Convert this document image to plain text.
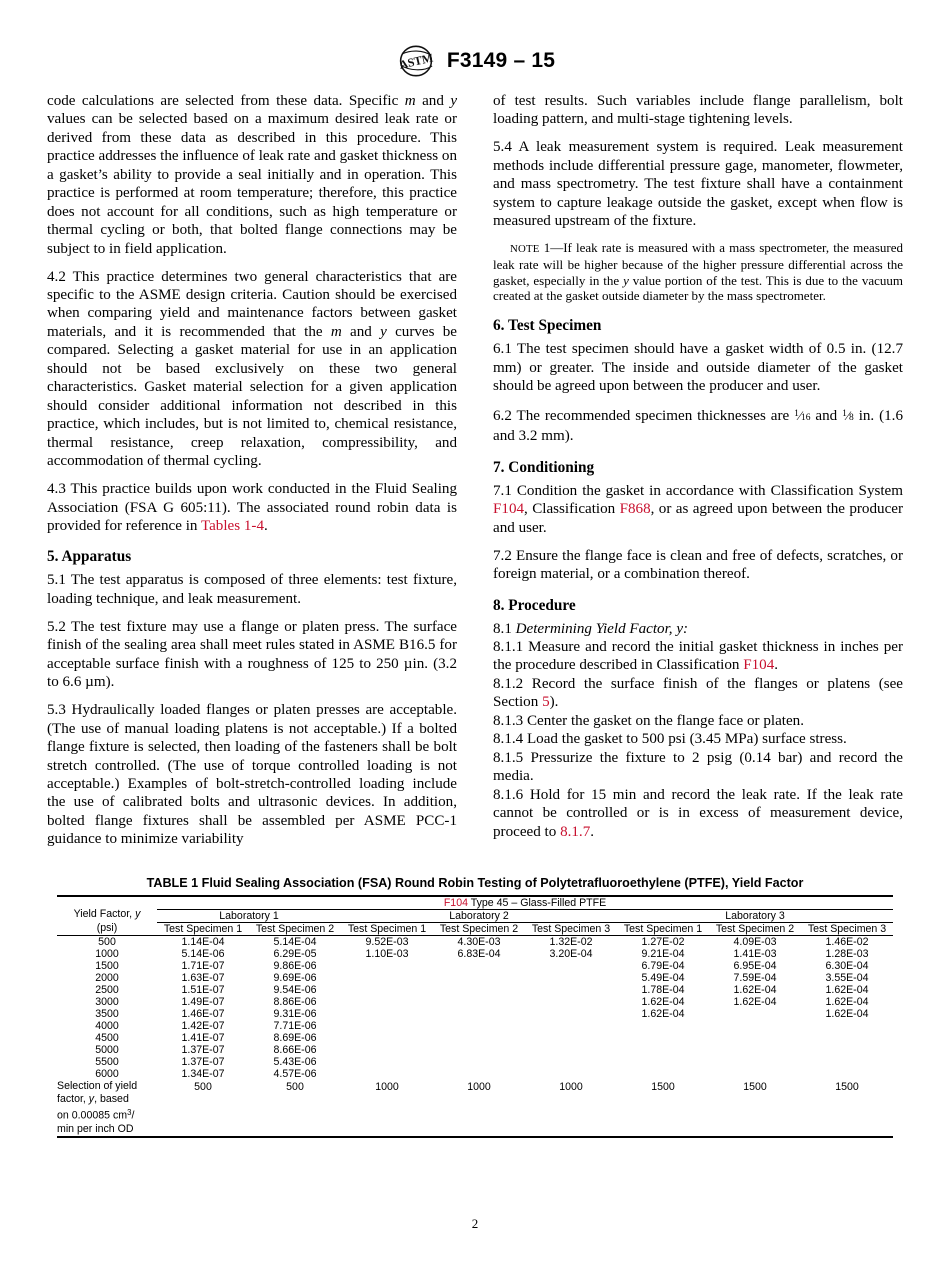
ASTM F3149 – 15

code calculations are selected from these data. Specific m and y values can be selected based on a maximum desired leak rate or derived from these data as described in this procedure. This practice addresses the influence of leak rate and gasket thickness on a gasket’s ability to provide a seal initially and in operation. This practice is performed at room temperature; therefore, this practice does not account for all conditions, such as high temperature or thermal cycling or both, that bolted flange connections may be subject to in field application.

4.2 This practice determines two general characteristics that are specific to the ASME design criteria. Caution should be exercised when comparing yield and maintenance factors between gasket materials, and it is recommended that the m and y curves be compared. Selecting a gasket material for use in an application should not be based exclusively on these two general characteristics. Gasket material selection for a given application should consider additional information not described in this practice, which includes, but is not limited to, chemical resistance, thermal resistance, creep relaxation, compressibility, and accommodation of thermal cycling.

4.3 This practice builds upon work conducted in the Fluid Sealing Association (FSA G 605:11). The associated round robin data is provided for reference in Tables 1-4.

5. Apparatus

5.1 The test apparatus is composed of three elements: test fixture, loading technique, and leak measurement.

5.2 The test fixture may use a flange or platen press. The surface finish of the sealing area shall meet rules stated in ASME B16.5 for acceptable surface finish with a roughness of 125 to 250 µin. (3.2 to 6.6 µm).

5.3 Hydraulically loaded flanges or platen presses are acceptable. (The use of manual loading platens is not acceptable.) If a bolted flange fixture is selected, then loading of the fasteners shall be bolt stretch controlled. (The use of torque controlled loading is not acceptable.) Examples of bolt-stretch-controlled loading include the use of calibrated bolts and ultrasonic devices. In addition, bolted flange fixtures shall be assembled per ASME PCC-1 guidance to minimize variability

of test results. Such variables include flange parallelism, bolt loading pattern, and multi-stage tightening levels.

5.4 A leak measurement system is required. Leak measurement methods include differential pressure gage, manometer, flowmeter, and mass spectrometry. The test fixture shall have a containment system to capture leakage outside the gasket, except when flow is measured upstream of the fixture.

NOTE 1—If leak rate is measured with a mass spectrometer, the measured leak rate will be higher because of the higher pressure differential across the gasket, especially in the y value portion of the test. This is due to the vacuum created at the gasket outside diameter by the mass spectrometer.

6. Test Specimen

6.1 The test specimen should have a gasket width of 0.5 in. (12.7 mm) or greater. The inside and outside diameter of the gasket should be agreed upon between the producer and user.

6.2 The recommended specimen thicknesses are $^1$⁄16 and $^1$⁄8 in. (1.6 and 3.2 mm).

7. Conditioning

7.1 Condition the gasket in accordance with Classification System F104, Classification F868, or as agreed upon between the producer and user.

7.2 Ensure the flange face is clean and free of defects, scratches, or foreign material, or a combination thereof.

8. Procedure

8.1 Determining Yield Factor, y:

8.1.1 Measure and record the initial gasket thickness in inches per the procedure described in Classification F104.

8.1.2 Record the surface finish of the flanges or platens (see Section 5).

8.1.3 Center the gasket on the flange face or platen.

8.1.4 Load the gasket to 500 psi (3.45 MPa) surface stress.

8.1.5 Pressurize the fixture to 2 psig (0.14 bar) and record the media.

8.1.6 Hold for 15 min and record the leak rate. If the leak rate cannot be controlled or is in excess of measurement device, proceed to 8.1.7.

TABLE 1 Fluid Sealing Association (FSA) Round Robin Testing of Polytetrafluoroethylene (PTFE), Yield Factor
Yield Factor, y
(psi)	F104 Type 45 – Glass-Filled PTFE							
	Laboratory 1		Laboratory 2			Laboratory 3		
	Test Specimen 1	Test Specimen 2	Test Specimen 1	Test Specimen 2	Test Specimen 3	Test Specimen 1	Test Specimen 2	Test Specimen 3
500	1.14E-04	5.14E-04	9.52E-03	4.30E-03	1.32E-02	1.27E-02	4.09E-03	1.46E-02
1000	5.14E-06	6.29E-05	1.10E-03	6.83E-04	3.20E-04	9.21E-04	1.41E-03	1.28E-03
1500	1.71E-07	9.86E-06				6.79E-04	6.95E-04	6.30E-04
2000	1.63E-07	9.69E-06				5.49E-04	7.59E-04	3.55E-04
2500	1.51E-07	9.54E-06				1.78E-04	1.62E-04	1.62E-04
3000	1.49E-07	8.86E-06				1.62E-04	1.62E-04	1.62E-04
3500	1.46E-07	9.31E-06				1.62E-04		1.62E-04
4000	1.42E-07	7.71E-06						
4500	1.41E-07	8.69E-06						
5000	1.37E-07	8.66E-06						
5500	1.37E-07	5.43E-06						
6000	1.34E-07	4.57E-06						
Selection of yield	500	500	1000	1000	1000	1500	1500	1500
factor, y, based								
on 0.00085 $cm^3/$								
min per inch OD								
2
